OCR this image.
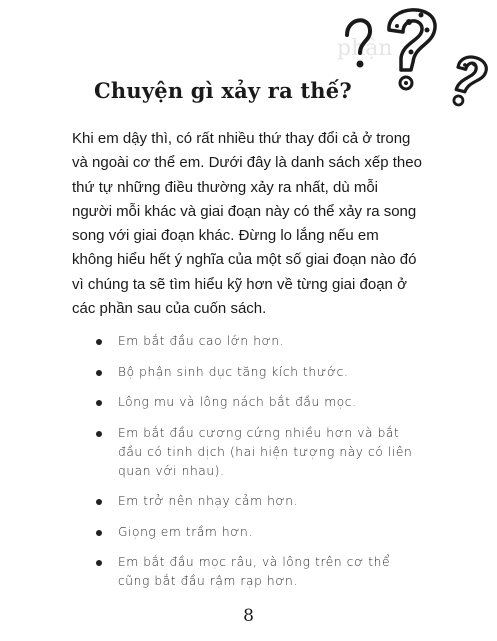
phận
Chuyện gì xảy ra thế?
Khi em dậy thì, có rất nhiều thứ thay đổi cả ở trong và ngoài cơ thể em. Dưới đây là danh sách xếp theo thứ tự những điều thường xảy ra nhất, dù mỗi người mỗi khác và giai đoạn này có thể xảy ra song song với giai đoạn khác. Đừng lo lắng nếu em không hiểu hết ý nghĩa của một số giai đoạn nào đó vì chúng ta sẽ tìm hiểu kỹ hơn về từng giai đoạn ở các phần sau của cuốn sách.
Em bắt đầu cao lớn hơn.
Bộ phận sinh dục tăng kích thước.
Lông mu và lông nách bắt đầu mọc.
Em bắt đầu cương cứng nhiều hơn và bắt đầu có tinh dịch (hai hiện tượng này có liên quan với nhau).
Em trở nên nhạy cảm hơn.
Giọng em trầm hơn.
Em bắt đầu mọc râu, và lông trên cơ thể cũng bắt đầu rậm rạp hơn.
8
